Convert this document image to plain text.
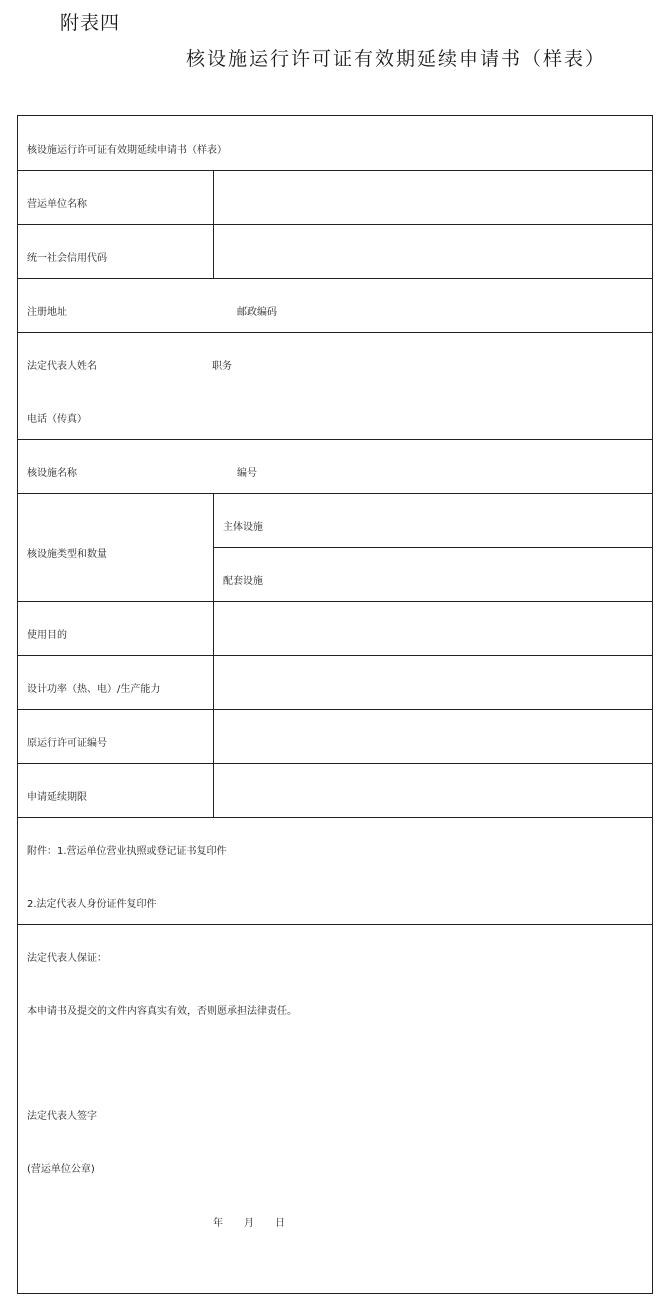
附表四
核设施运行许可证有效期延续申请书（样表）
核设施运行许可证有效期延续申请书（样表）
营运单位名称
统一社会信用代码
注册地址	邮政编码
法定代表人姓名	职务
电话（传真）
核设施名称	编号
核设施类型和数量
主体设施
配套设施
使用目的
设计功率（热、电）/生产能力
原运行许可证编号
申请延续期限
附件：1.营运单位营业执照或登记证书复印件
2.法定代表人身份证件复印件
法定代表人保证：
本申请书及提交的文件内容真实有效，否则愿承担法律责任。
法定代表人签字
(营运单位公章)
年 月 日
